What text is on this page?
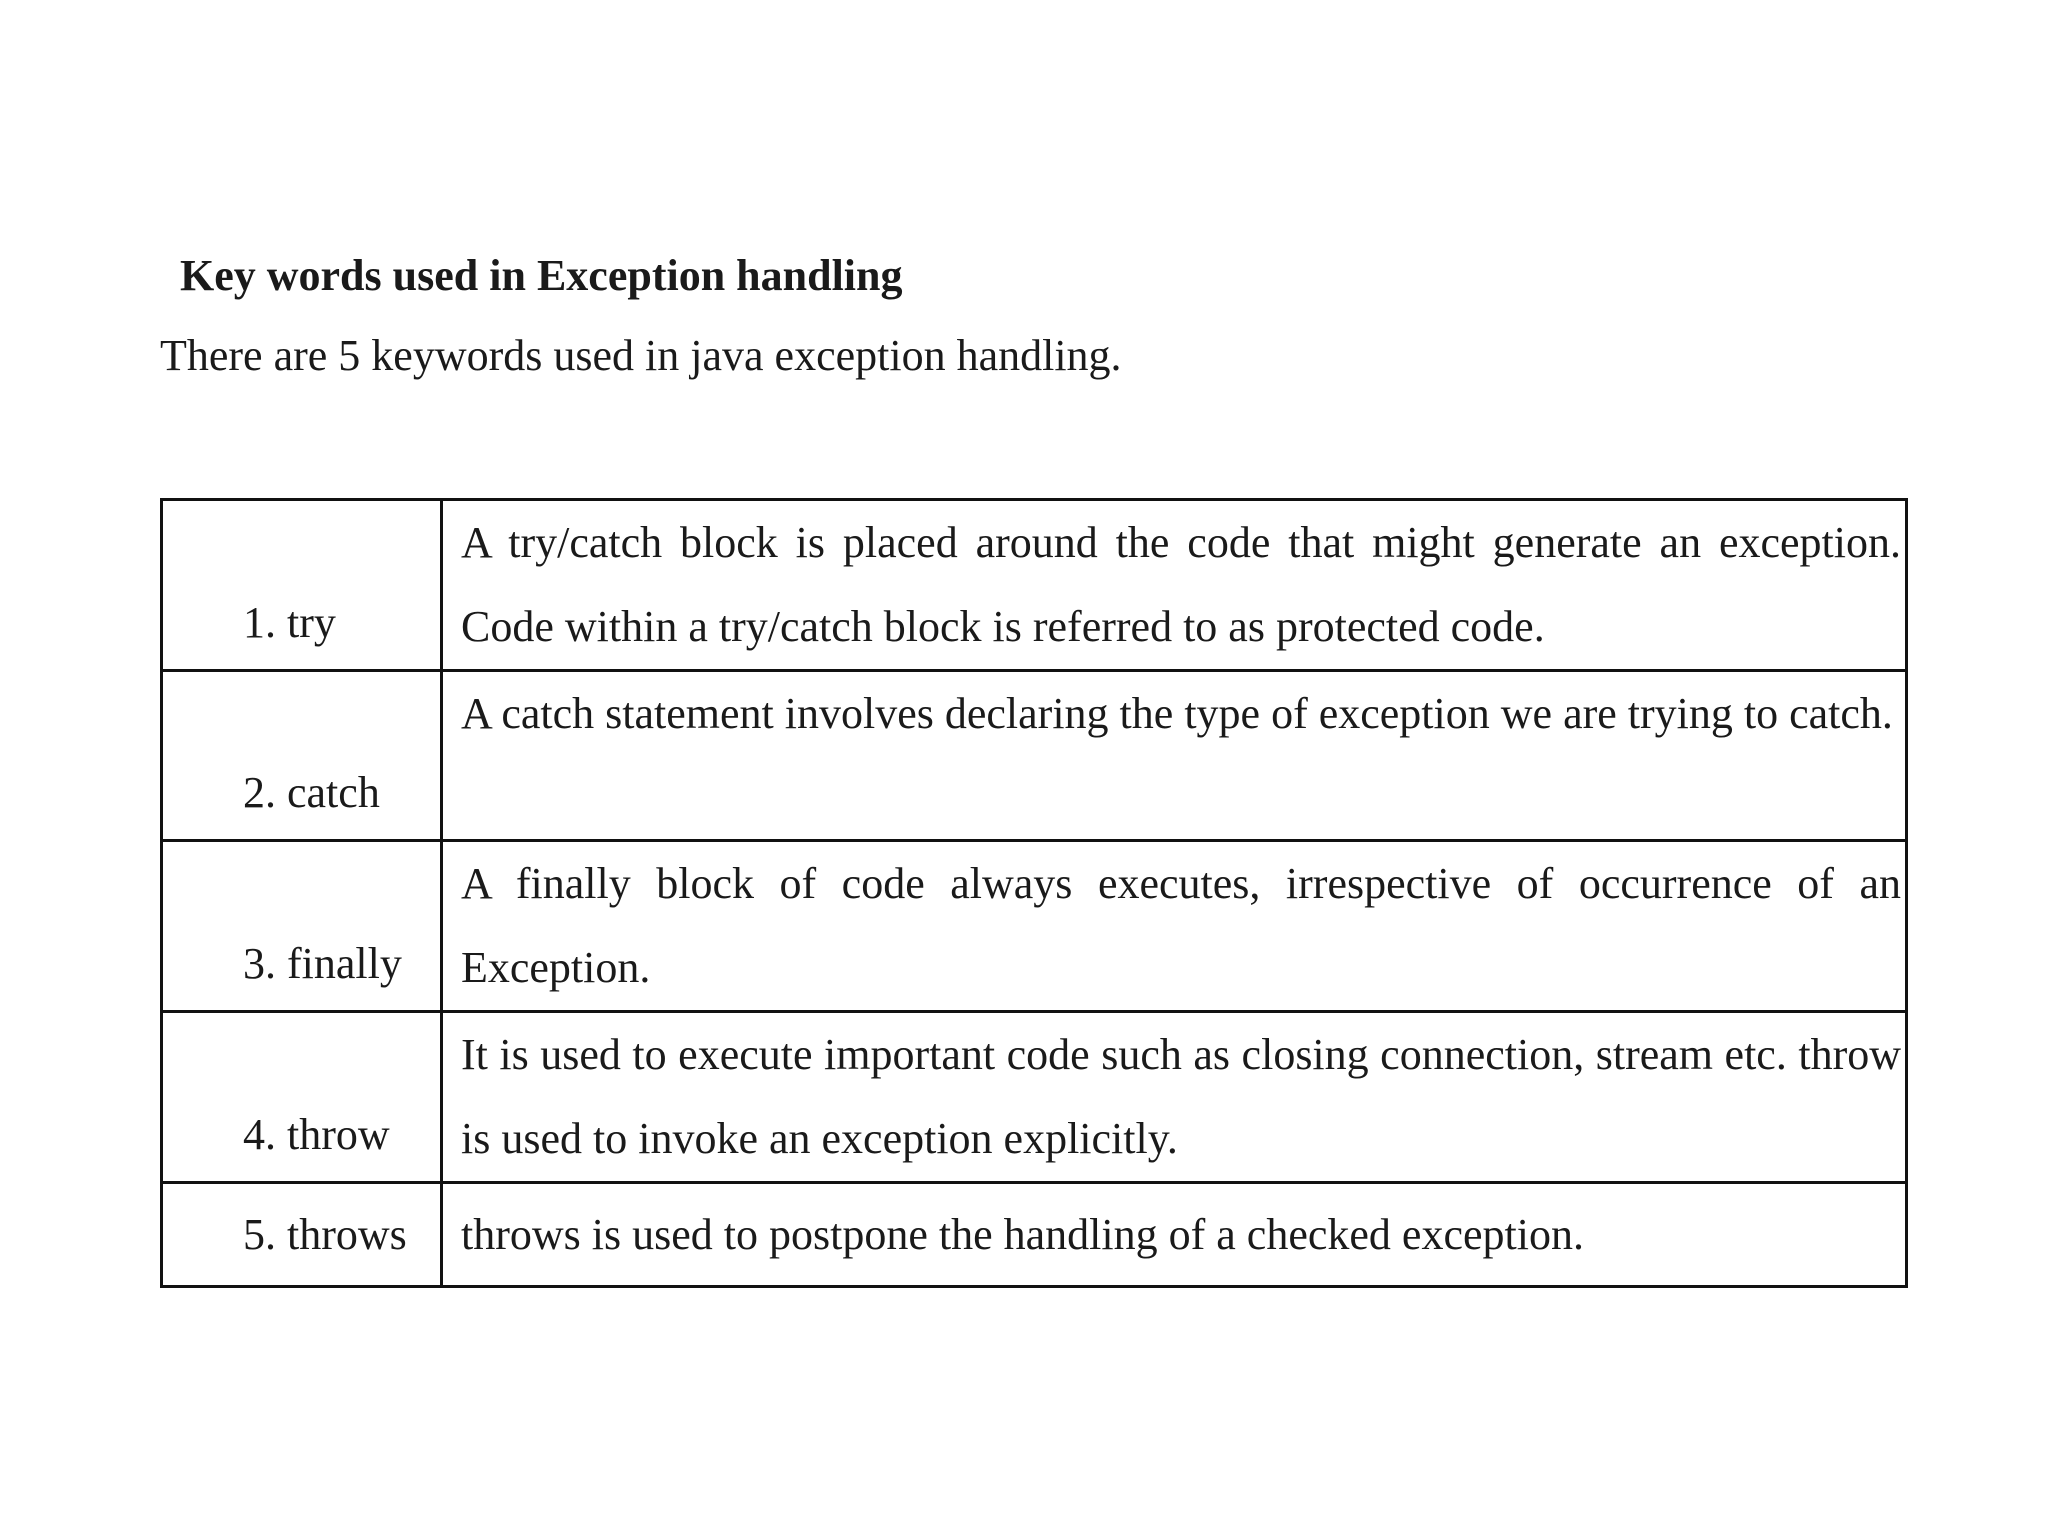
Key words used in Exception handling
There are 5 keywords used in java exception handling.
1. try	A try/catch block is placed around the code that might generate an exception. Code within a try/catch block is referred to as protected code.
2. catch	A catch statement involves declaring the type of exception we are trying to catch.
3. finally	A finally block of code always executes, irrespective of occurrence of an Exception.
4. throw	It is used to execute important code such as closing connection, stream etc. throw is used to invoke an exception explicitly.
5. throws	throws is used to postpone the handling of a checked exception.
